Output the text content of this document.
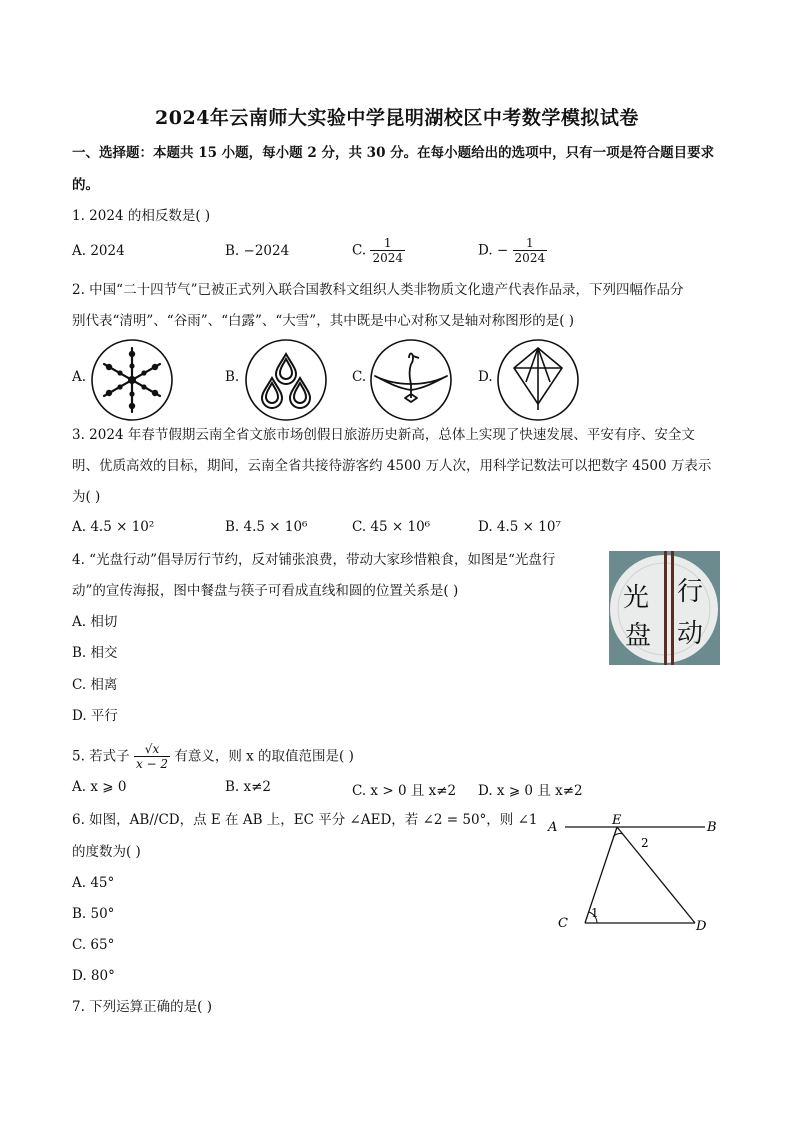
2024年云南师大实验中学昆明湖校区中考数学模拟试卷
一、选择题：本题共 15 小题，每小题 2 分，共 30 分。在每小题给出的选项中，只有一项是符合题目要求
的。
1. 2024 的相反数是( )
A. 2024	B. −2024	C. $\frac{1}{2024}$	D. − $\frac{1}{2024}$
2. 中国“二十四节气”已被正式列入联合国教科文组织人类非物质文化遗产代表作品录，下列四幅作品分
别代表“清明”、“谷雨”、“白露”、“大雪”，其中既是中心对称又是轴对称图形的是( )
A.	B.	C.	D.
3. 2024 年春节假期云南全省文旅市场创假日旅游历史新高，总体上实现了快速发展、平安有序、安全文
明、优质高效的目标，期间，云南全省共接待游客约 4500 万人次，用科学记数法可以把数字 4500 万表示
为( )
A. 4.5 × 10²	B. 4.5 × 10⁶	C. 45 × 10⁶	D. 4.5 × 10⁷
4. “光盘行动”倡导厉行节约，反对铺张浪费，带动大家珍惜粮食，如图是“光盘行
动”的宣传海报，图中餐盘与筷子可看成直线和圆的位置关系是( )
A. 相切
B. 相交
C. 相离
D. 平行
光 行
盘 动
5. 若式子 $\frac{√x}{x - 2}$ 有意义，则 x 的取值范围是( )
A. x ⩾ 0	B. x≠2	C. x > 0 且 x≠2 D. x ⩾ 0 且 x≠2
6. 如图，AB//CD，点 E 在 AB 上，EC 平分 ∠AED，若 ∠2 = 50°，则 ∠1
的度数为( )
A. 45°
B. 50°
C. 65°
D. 80°
A	E	B
C	D
2
1
7. 下列运算正确的是( )
